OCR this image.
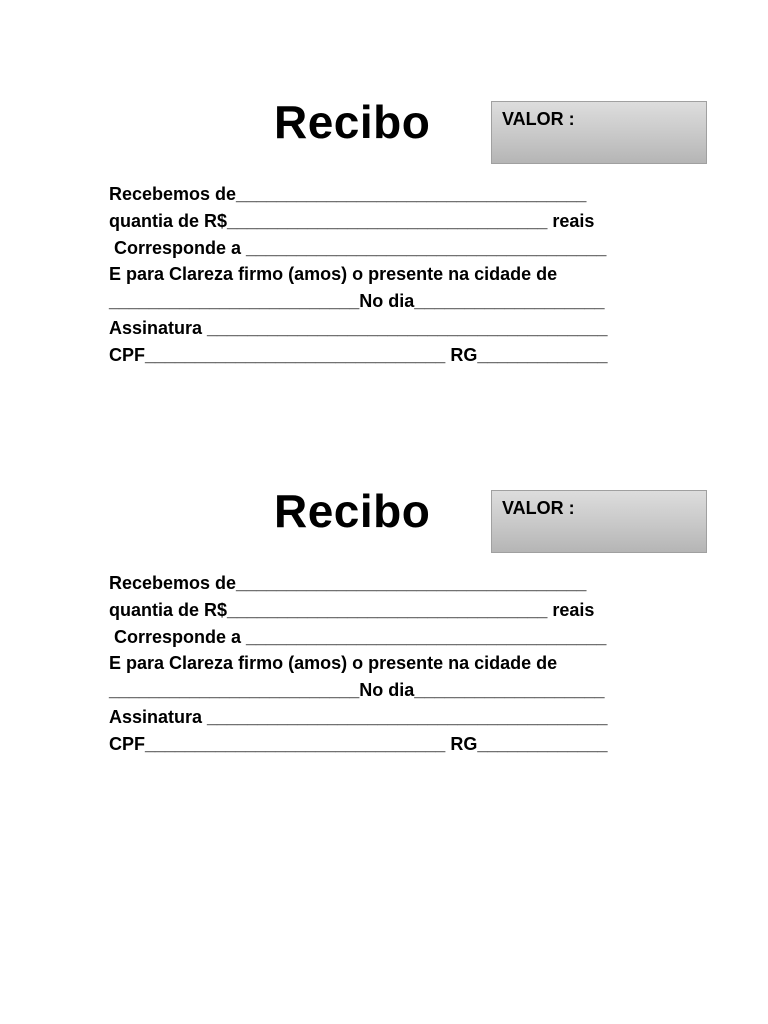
Recibo	VALOR :
Recebemos de___________________________________
quantia de R$________________________________ reais
Corresponde a ____________________________________
E para Clareza firmo (amos) o presente na cidade de
_________________________No dia___________________
Assinatura ________________________________________
CPF______________________________ RG_____________
Recibo	VALOR :
Recebemos de___________________________________
quantia de R$________________________________ reais
Corresponde a ____________________________________
E para Clareza firmo (amos) o presente na cidade de
_________________________No dia___________________
Assinatura ________________________________________
CPF______________________________ RG_____________
